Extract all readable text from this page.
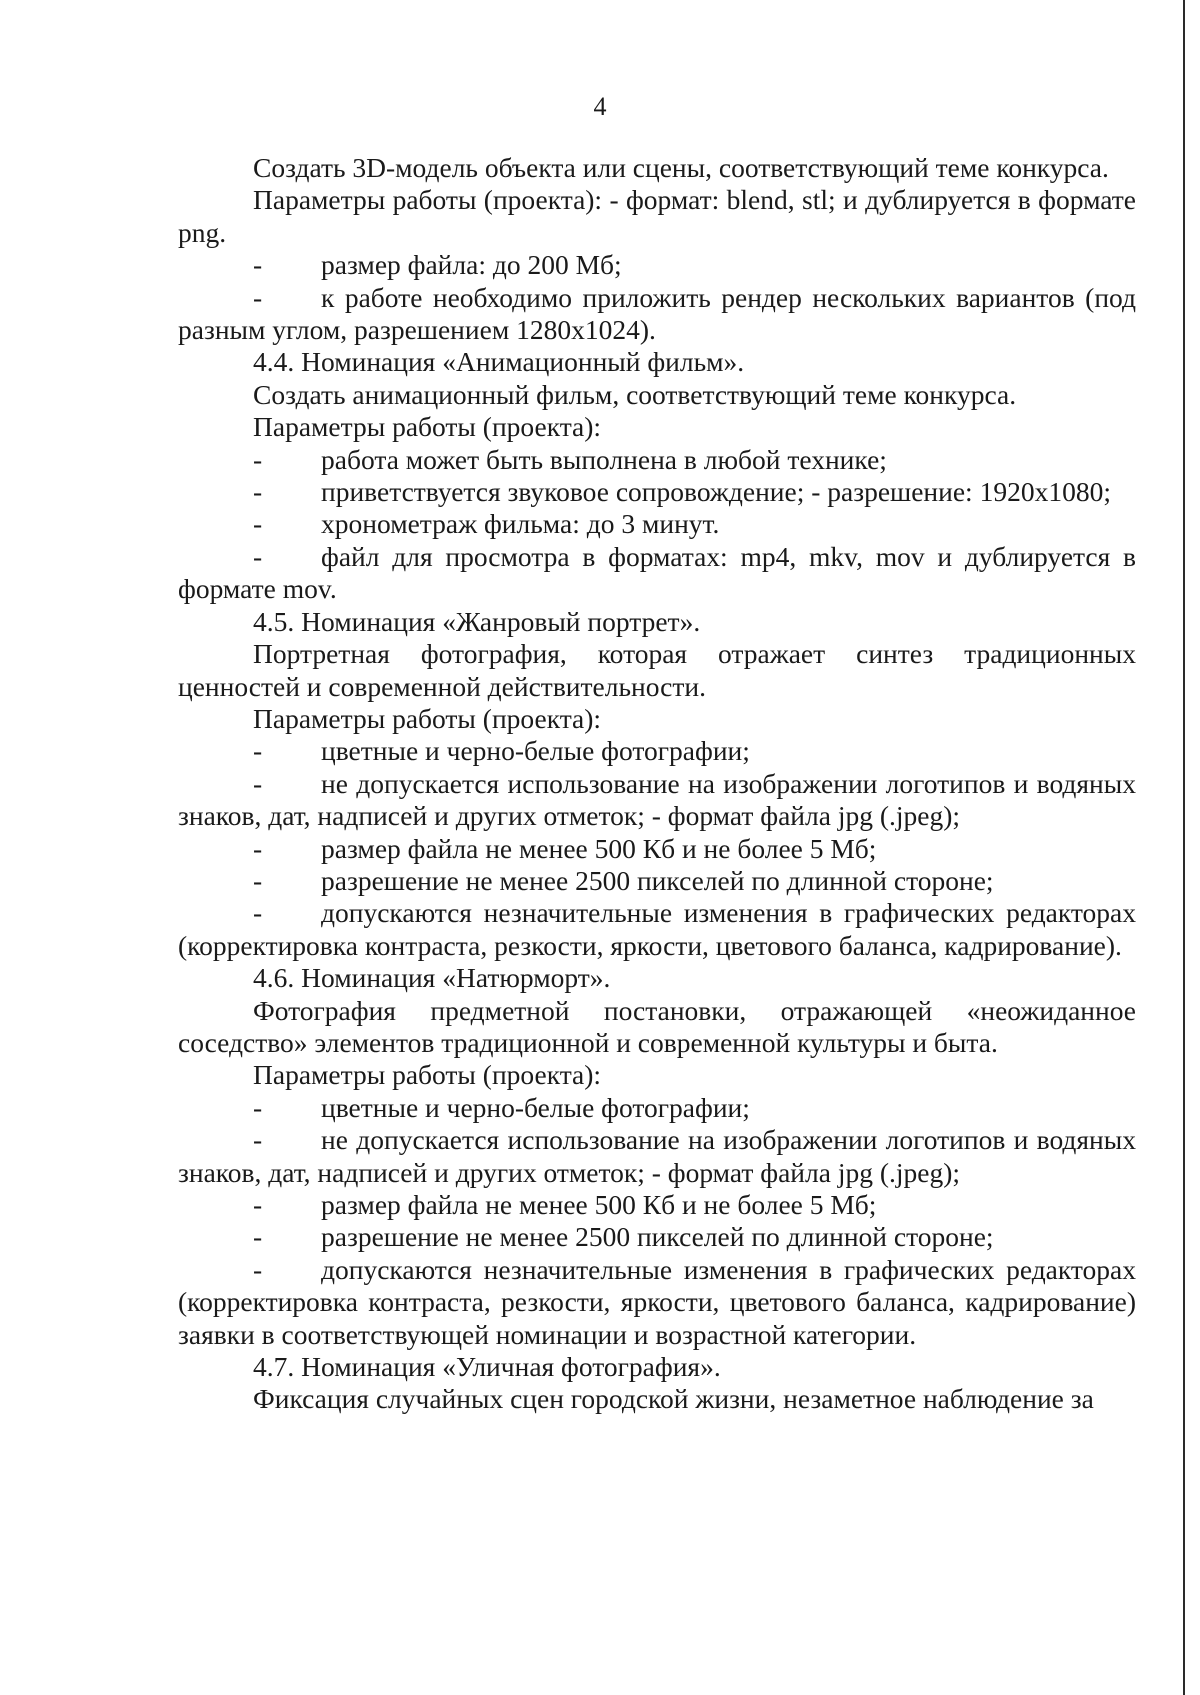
4

Создать 3D-модель объекта или сцены, соответствующий теме конкурса.

Параметры работы (проекта): - формат: blend, stl; и дублируется в формате png.

- размер файла: до 200 Мб;

- к работе необходимо приложить рендер нескольких вариантов (под разным углом, разрешением 1280x1024).

4.4. Номинация «Анимационный фильм».

Создать анимационный фильм, соответствующий теме конкурса.

Параметры работы (проекта):

- работа может быть выполнена в любой технике;

- приветствуется звуковое сопровождение; - разрешение: 1920x1080;

- хронометраж фильма: до 3 минут.

- файл для просмотра в форматах: mp4, mkv, mov и дублируется в формате mov.

4.5. Номинация «Жанровый портрет».

Портретная фотография, которая отражает синтез традиционных ценностей и современной действительности.

Параметры работы (проекта):

- цветные и черно-белые фотографии;

- не допускается использование на изображении логотипов и водяных знаков, дат, надписей и других отметок; - формат файла jpg (.jpeg);

- размер файла не менее 500 Кб и не более 5 Мб;

- разрешение не менее 2500 пикселей по длинной стороне;

- допускаются незначительные изменения в графических редакторах (корректировка контраста, резкости, яркости, цветового баланса, кадрирование).

4.6. Номинация «Натюрморт».

Фотография предметной постановки, отражающей «неожиданное соседство» элементов традиционной и современной культуры и быта.

Параметры работы (проекта):

- цветные и черно-белые фотографии;

- не допускается использование на изображении логотипов и водяных знаков, дат, надписей и других отметок; - формат файла jpg (.jpeg);

- размер файла не менее 500 Кб и не более 5 Мб;

- разрешение не менее 2500 пикселей по длинной стороне;

- допускаются незначительные изменения в графических редакторах (корректировка контраста, резкости, яркости, цветового баланса, кадрирование) заявки в соответствующей номинации и возрастной категории.

4.7. Номинация «Уличная фотография».

Фиксация случайных сцен городской жизни, незаметное наблюдение за
